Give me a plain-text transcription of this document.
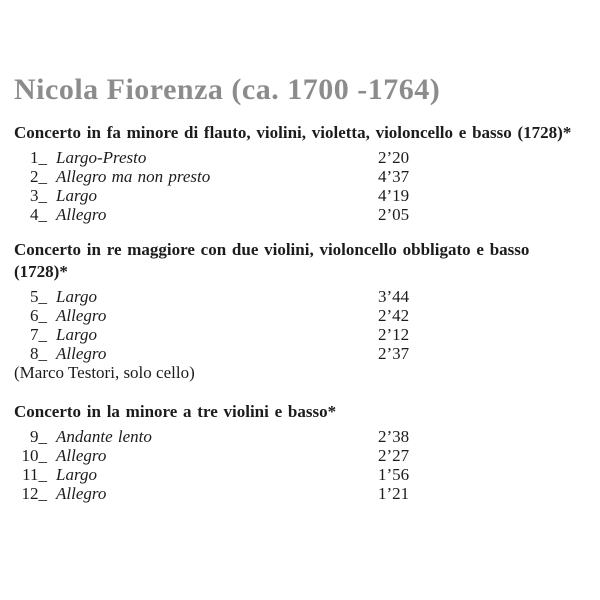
Nicola Fiorenza (ca. 1700 -1764)
Concerto in fa minore di flauto, violini, violetta, violoncello e basso (1728)*
1_ Largo-Presto	2’20
2_ Allegro ma non presto	4’37
3_ Largo	4’19
4_ Allegro	2’05
Concerto in re maggiore con due violini, violoncello obbligato e basso (1728)*
5_ Largo	3’44
6_ Allegro	2’42
7_ Largo	2’12
8_ Allegro	2’37
(Marco Testori, solo cello)
Concerto in la minore a tre violini e basso*
9_ Andante lento	2’38
10_ Allegro	2’27
11_ Largo	1’56
12_ Allegro	1’21
